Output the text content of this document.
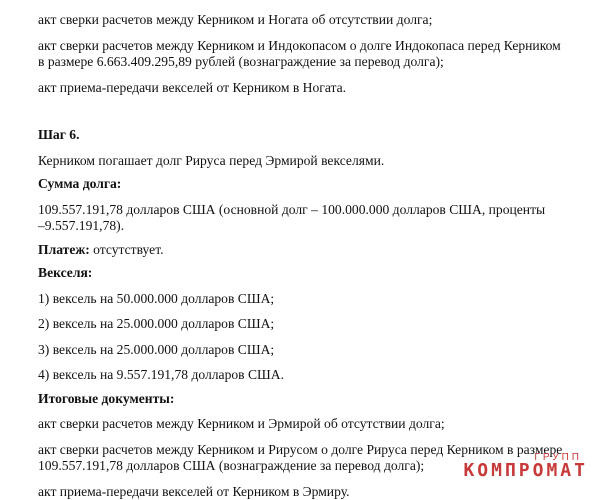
акт сверки расчетов между Керником и Ногата об отсутствии долга;

акт сверки расчетов между Керником и Индокопасом о долге Индокопаса перед Керником

в размере 6.663.409.295,89 рублей (вознаграждение за перевод долга);

акт приема-передачи векселей от Керником в Ногата.

Шаг 6.

Керником погашает долг Рируса перед Эрмирой векселями.

Сумма долга:

109.557.191,78 долларов США (основной долг – 100.000.000 долларов США, проценты

–9.557.191,78).

Платеж: отсутствует.

Векселя:

1) вексель на 50.000.000 долларов США;

2) вексель на 25.000.000 долларов США;

3) вексель на 25.000.000 долларов США;

4) вексель на 9.557.191,78 долларов США.

Итоговые документы:

акт сверки расчетов между Керником и Эрмирой об отсутствии долга;

акт сверки расчетов между Керником и Рирусом о долге Рируса перед Керником в размере

109.557.191,78 долларов США (вознаграждение за перевод долга);

акт приема-передачи векселей от Керником в Эрмиру.

ГРУПП
КОМПРОМАТ
